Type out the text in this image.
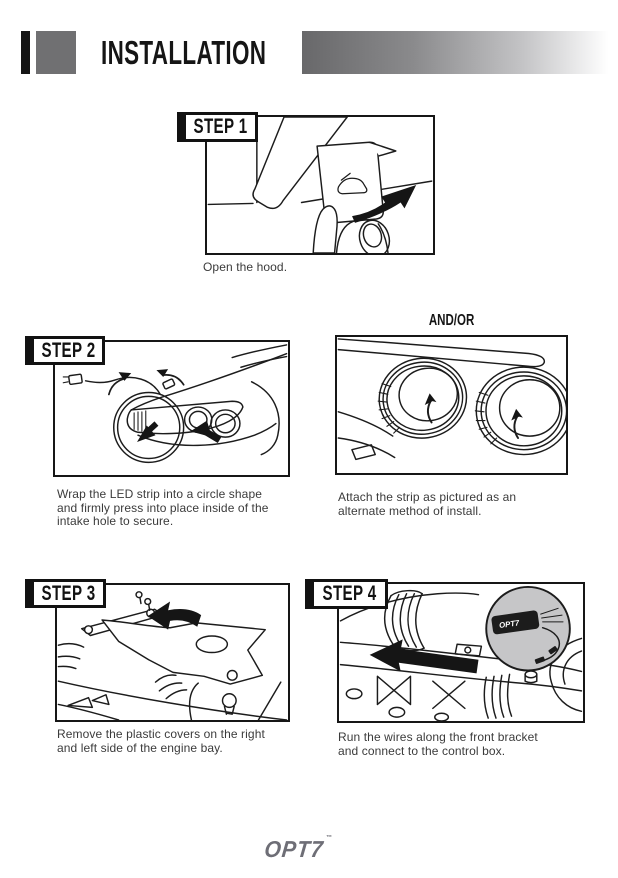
INSTALLATION
STEP 1
Open the hood.
AND/OR
STEP 2
Wrap the LED strip into a circle shape
and firmly press into place inside of the
intake hole to secure.
Attach the strip as pictured as an
alternate method of install.
STEP 3
Remove the plastic covers on the right
and left side of the engine bay.
STEP 4
OPT7
Run the wires along the front bracket
and connect to the control box.
OPT7™
